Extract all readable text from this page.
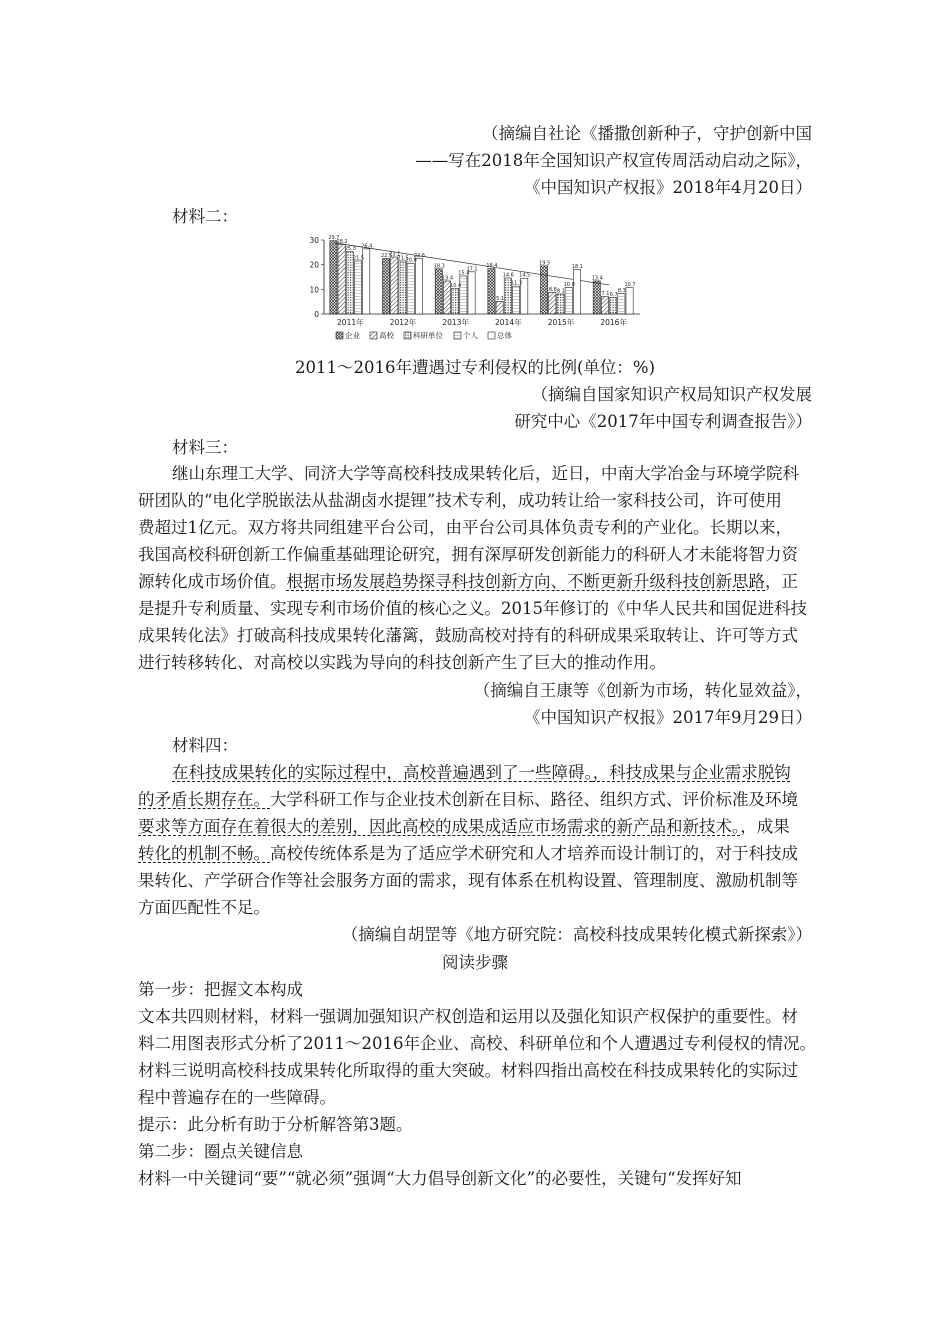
（摘编自社论《播撒创新种子，守护创新中国
——写在2018年全国知识产权宣传周活动启动之际》，
《中国知识产权报》2018年4月20日）
材料二：
29.7
28.2
25.3
21.5
26.4
22.5
23.1
21.5
20.6
22.6
18.3
13.4
10.4
15.4
17.1
18.4
5.1
14.6
11.3
14.5
19.5
8.8 8.1
10.8
18.1
13.4
7.1 6.7
8.3
10.7
2011年	2012年	2013年	2014年	2015年	2016年
0
10
20
30
企业	高校	科研单位	个人	总体
2011～2016年遭遇过专利侵权的比例(单位：%)
（摘编自国家知识产权局知识产权发展
研究中心《2017年中国专利调查报告》）
材料三：
继山东理工大学、同济大学等高校科技成果转化后，近日，中南大学冶金与环境学院科
研团队的“电化学脱嵌法从盐湖卤水提锂”技术专利，成功转让给一家科技公司，许可使用
费超过1亿元。双方将共同组建平台公司，由平台公司具体负责专利的产业化。长期以来，
我国高校科研创新工作偏重基础理论研究，拥有深厚研发创新能力的科研人才未能将智力资
源转化成市场价值。根据市场发展趋势探寻科技创新方向、不断更新升级科技创新思路，正
是提升专利质量、实现专利市场价值的核心之义。2015年修订的《中华人民共和国促进科技
成果转化法》打破高科技成果转化藩篱，鼓励高校对持有的科研成果采取转让、许可等方式
进行转移转化、对高校以实践为导向的科技创新产生了巨大的推动作用。
（摘编自王康等《创新为市场，转化显效益》，
《中国知识产权报》2017年9月29日）
材料四：
在科技成果转化的实际过程中，高校普遍遇到了一些障碍。，科技成果与企业需求脱钩
的矛盾长期存在。大学科研工作与企业技术创新在目标、路径、组织方式、评价标准及环境
要求等方面存在着很大的差别，因此高校的成果成适应市场需求的新产品和新技术。，成果
转化的机制不畅。高校传统体系是为了适应学术研究和人才培养而设计制订的，对于科技成
果转化、产学研合作等社会服务方面的需求，现有体系在机构设置、管理制度、激励机制等
方面匹配性不足。
（摘编自胡罡等《地方研究院：高校科技成果转化模式新探索》）
阅读步骤
第一步：把握文本构成
文本共四则材料，材料一强调加强知识产权创造和运用以及强化知识产权保护的重要性。材
料二用图表形式分析了2011～2016年企业、高校、科研单位和个人遭遇过专利侵权的情况。
材料三说明高校科技成果转化所取得的重大突破。材料四指出高校在科技成果转化的实际过
程中普遍存在的一些障碍。
提示：此分析有助于分析解答第3题。
第二步：圈点关键信息
材料一中关键词“要”“就必须”强调“大力倡导创新文化”的必要性，关键句“发挥好知
